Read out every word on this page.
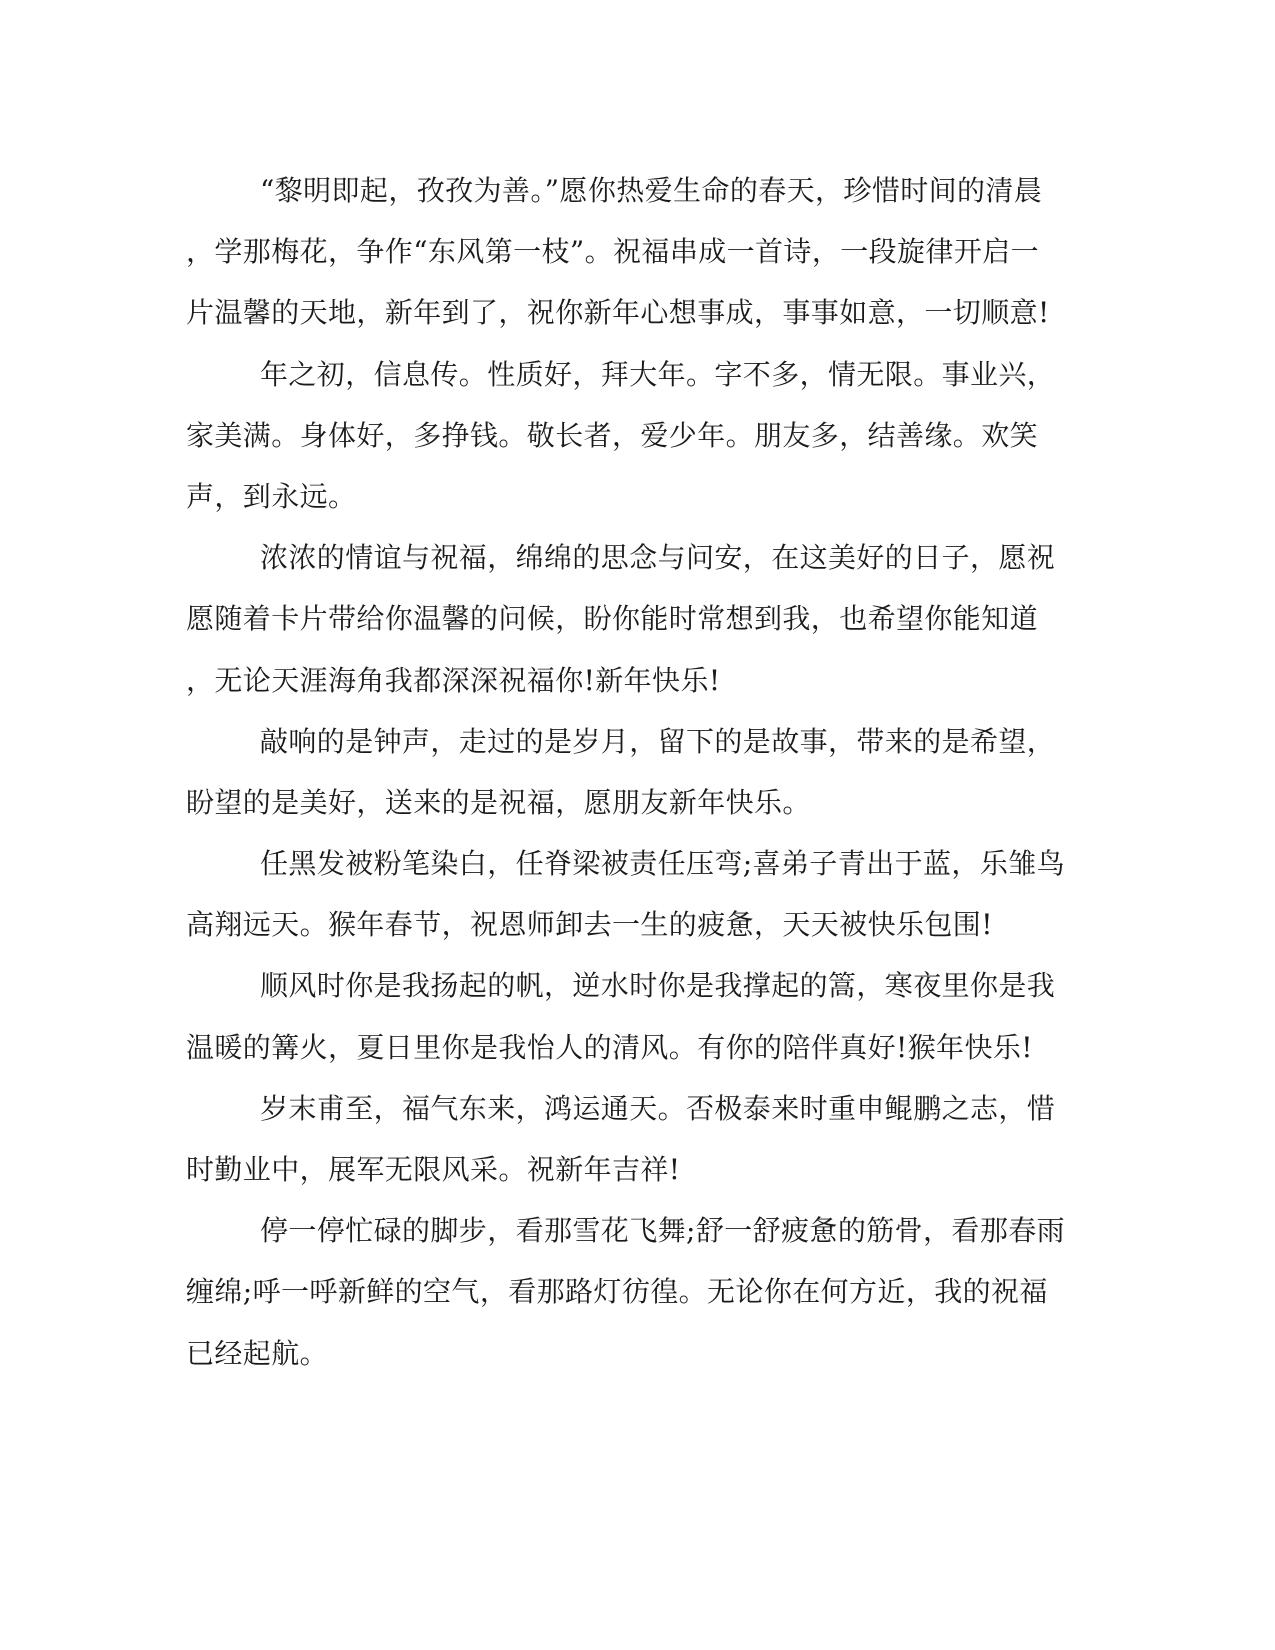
“黎明即起，孜孜为善。”愿你热爱生命的春天，珍惜时间的清晨
，学那梅花，争作“东风第一枝”。祝福串成一首诗，一段旋律开启一
片温馨的天地，新年到了，祝你新年心想事成，事事如意，一切顺意!
年之初，信息传。性质好，拜大年。字不多，情无限。事业兴，
家美满。身体好，多挣钱。敬长者，爱少年。朋友多，结善缘。欢笑
声，到永远。
浓浓的情谊与祝福，绵绵的思念与问安，在这美好的日子，愿祝
愿随着卡片带给你温馨的问候，盼你能时常想到我，也希望你能知道
，无论天涯海角我都深深祝福你!新年快乐!
敲响的是钟声，走过的是岁月，留下的是故事，带来的是希望，
盼望的是美好，送来的是祝福，愿朋友新年快乐。
任黑发被粉笔染白，任脊梁被责任压弯;喜弟子青出于蓝，乐雏鸟
高翔远天。猴年春节，祝恩师卸去一生的疲惫，天天被快乐包围!
顺风时你是我扬起的帆，逆水时你是我撑起的篙，寒夜里你是我
温暖的篝火，夏日里你是我怡人的清风。有你的陪伴真好!猴年快乐!
岁末甫至，福气东来，鸿运通天。否极泰来时重申鲲鹏之志，惜
时勤业中，展军无限风采。祝新年吉祥!
停一停忙碌的脚步，看那雪花飞舞;舒一舒疲惫的筋骨，看那春雨
缠绵;呼一呼新鲜的空气，看那路灯彷徨。无论你在何方近，我的祝福
已经起航。
